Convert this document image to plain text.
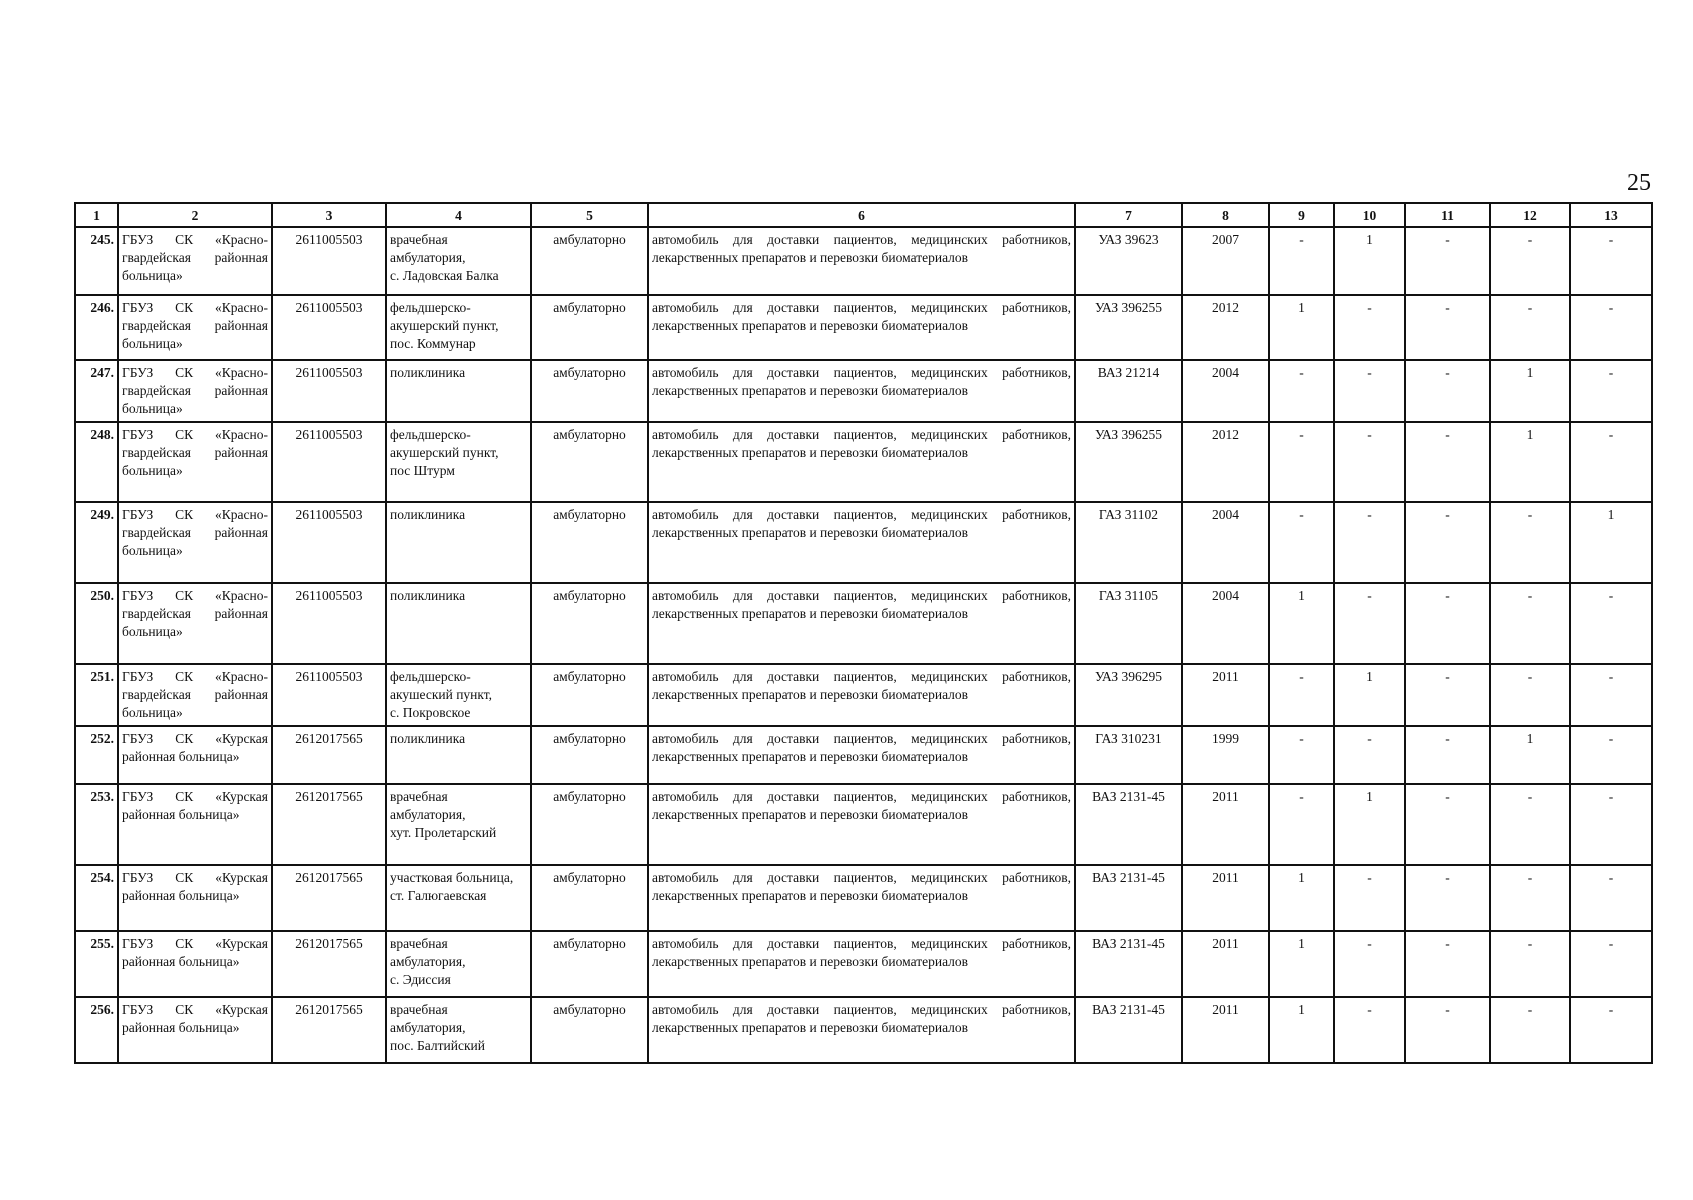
25
1	2	3	4	5	6	7	8	9	10	11	12	13
245.	ГБУЗ СК «Красно-гвардейская районная больница»	2611005503	врачебная
амбулатория,
с. Ладовская Балка	амбулаторно	автомобиль для доставки пациентов, медицинских работников, лекарственных препаратов и перевозки биоматериалов	УАЗ 39623	2007	-	1	-	-	-
246.	ГБУЗ СК «Красно-гвардейская районная больница»	2611005503	фельдшерско-
акушерский пункт,
пос. Коммунар	амбулаторно	автомобиль для доставки пациентов, медицинских работников, лекарственных препаратов и перевозки биоматериалов	УАЗ 396255	2012	1	-	-	-	-
247.	ГБУЗ СК «Красно-гвардейская районная больница»	2611005503	поликлиника	амбулаторно	автомобиль для доставки пациентов, медицинских работников, лекарственных препаратов и перевозки биоматериалов	ВАЗ 21214	2004	-	-	-	1	-
248.	ГБУЗ СК «Красно-гвардейская районная больница»	2611005503	фельдшерско-
акушерский пункт,
пос Штурм	амбулаторно	автомобиль для доставки пациентов, медицинских работников, лекарственных препаратов и перевозки биоматериалов	УАЗ 396255	2012	-	-	-	1	-
249.	ГБУЗ СК «Красно-гвардейская районная больница»	2611005503	поликлиника	амбулаторно	автомобиль для доставки пациентов, медицинских работников, лекарственных препаратов и перевозки биоматериалов	ГАЗ 31102	2004	-	-	-	-	1
250.	ГБУЗ СК «Красно-гвардейская районная больница»	2611005503	поликлиника	амбулаторно	автомобиль для доставки пациентов, медицинских работников, лекарственных препаратов и перевозки биоматериалов	ГАЗ 31105	2004	1	-	-	-	-
251.	ГБУЗ СК «Красно-гвардейская районная больница»	2611005503	фельдшерско-
акушеский пункт,
с. Покровское	амбулаторно	автомобиль для доставки пациентов, медицинских работников, лекарственных препаратов и перевозки биоматериалов	УАЗ 396295	2011	-	1	-	-	-
252.	ГБУЗ СК «Курская районная больница»	2612017565	поликлиника	амбулаторно	автомобиль для доставки пациентов, медицинских работников, лекарственных препаратов и перевозки биоматериалов	ГАЗ 310231	1999	-	-	-	1	-
253.	ГБУЗ СК «Курская районная больница»	2612017565	врачебная
амбулатория,
хут. Пролетарский	амбулаторно	автомобиль для доставки пациентов, медицинских работников, лекарственных препаратов и перевозки биоматериалов	ВАЗ 2131-45	2011	-	1	-	-	-
254.	ГБУЗ СК «Курская районная больница»	2612017565	участковая больница,
ст. Галюгаевская	амбулаторно	автомобиль для доставки пациентов, медицинских работников, лекарственных препаратов и перевозки биоматериалов	ВАЗ 2131-45	2011	1	-	-	-	-
255.	ГБУЗ СК «Курская районная больница»	2612017565	врачебная
амбулатория,
с. Эдиссия	амбулаторно	автомобиль для доставки пациентов, медицинских работников, лекарственных препаратов и перевозки биоматериалов	ВАЗ 2131-45	2011	1	-	-	-	-
256.	ГБУЗ СК «Курская районная больница»	2612017565	врачебная
амбулатория,
пос. Балтийский	амбулаторно	автомобиль для доставки пациентов, медицинских работников, лекарственных препаратов и перевозки биоматериалов	ВАЗ 2131-45	2011	1	-	-	-	-
